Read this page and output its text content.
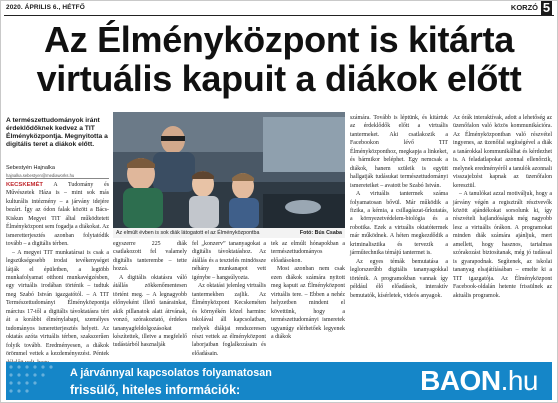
2020. ÁPRILIS 6., HÉTFŐ	KORZÓ 5
Az Élményközpont is kitárta virtuális kapuit a diákok előtt
A természettudományok iránt érdeklődőknek kedvez a TIT Élményközpontja. Megnyitotta a digitális teret a diákok előtt.
Sebestyén Hajnalka
hajnalka.sebestyen@mediaworks.hu

KECSKEMÉT A Tudomány és Művészetek Háza is – mint sok más kulturális intézmény – a járvány idejére bezárt. Így az ódon falak között a Bács-Kiskun Megyei TIT által működtetett Élményközpont sem fogadja a diákokat. Az ismeretterjesztés azonban folytatódik tovább – a digitális térben.

– A megyei TIT munkatársai is csak a legszükségesebb irodai tevékenységet látják el épületben, a legtöbb munkafolyamat otthoni munkavégzésben, egy virtuális irodában történik – tudtuk meg Szabó István igazgatótól. – A TIT Természettudományi Élményközpontja március 17-től a digitális távoktatásra tért át a korábbi élménylabapi, személyes tudományos ismeretterjesztés helyett. Az oktatás azóta virtuális térben, szakszerűen folyik tovább. Eredményesen, a diákok örömmel vettek a kezdeményezést. Péntek

Az elmúlt évben is sok diák látogatott el az Élményközpontba	Fotó: Bús Csaba

egyszerre 225 diák csatlakozott fel valamely digitális tanterembe – tette hozzá.

A digitális oktatásra váló átállás zökkenőmentesen történt meg. – A legnagyobb előnyeként illető tanárainkat, akik pillanatok alatt átrvának, vonzó, szórakoztató, érdekes tananyagfeldolgozásokat készítettek, illetve a megfelelő tudástárból hasznalják

fel „konzerv” tananyagokat a digitális távoktatáshoz. Az átállás és a tesztelés mindössze néhány munkanapot vett igénybe – hangsúlyozta.

Az oktatási jelenleg virtuális tantermekben zajlik. Az Élményközpont Kecskeméten és környékén közel harminc iskolával áll kapcsolatban, melyek diákjai rendszeresen részt vettek az élményközpont laborjaiban foglalkozásain és előadásain.

tek az elmúlt hónapokban a természettudományos előadásokon.

Most azonban nem csak ezen diákok számára nyitott meg kapuit az Élményközpont virtuális tere. – Ebben a nehéz helyzetben mindent el követtünk, hogy a természettudományi ismeretek ugyanúgy elérhetőek legyenek a diákok

számára. Tovább is léptünk, és kitártuk az érdeklődők előtt a virtuális tantermeket. Aki csatlakozik a Facebookon lévő TIT Élményközponthoz, megkapja a linkeket, és bármikor beléphet. Egy nemcsak a diákok, hanem szüleik is együtt hallgatják tudásukat természettudományi ismereteiket – avatott be Szabó István.

A virtuális tantermek száma folyamatosan bővül. Már működik a fizika, a kémia, a csillagászat-űrkutatás, a környezetvédelem-biológia és a robotika. Ezek a virtuális oktatótermek már működnek. A héten megkezdődik a kriminalisztika és tervezik a járműtechnika témájú tantermet is.

Az egyes témák bemutatása a leglorszerűbb digitális tananyagokkal történik. A programokban vannak így például élő előadások, interaktív bemutatók, kísérletek, videós anyagok.

Az órák interaktívak, adott a lehetőség az üzenőfalon való közös kommunikációra. Az Élményközpontban való részvétel ingyenes, az üzenőfal segítségével a diák a tanárokkal kommunikálhat és kérdezhet is. A feladatlapokat azonnal ellenőrzik, melynek eredményéről a tanulók azonnali visszajelzést kapnak az üzenőfalon keresztül.

– A tanulókat azzal motiváljuk, hogy a járvány végén a regisztrált résztvevők között ajándékokat sorsolunk ki, így részvételi hajlandóságuk még nagyobb lesz a virtuális órákon. A programokat minden diák számára ajánljuk, mert amellett, hogy hasznos, tartalmas szórakozást biztosítanak, még jó tudással is gyarapodnak. Segítenek, az iskolai tananyag elsajátításában – emelte ki a TIT igazgatója. Az Élményközpont Facebook-oldalán hetente frissülnek az aktuális programok.

A járvánnyal kapcsolatos folyamatosan
frissülő, hiteles információk:	BAON.hu
